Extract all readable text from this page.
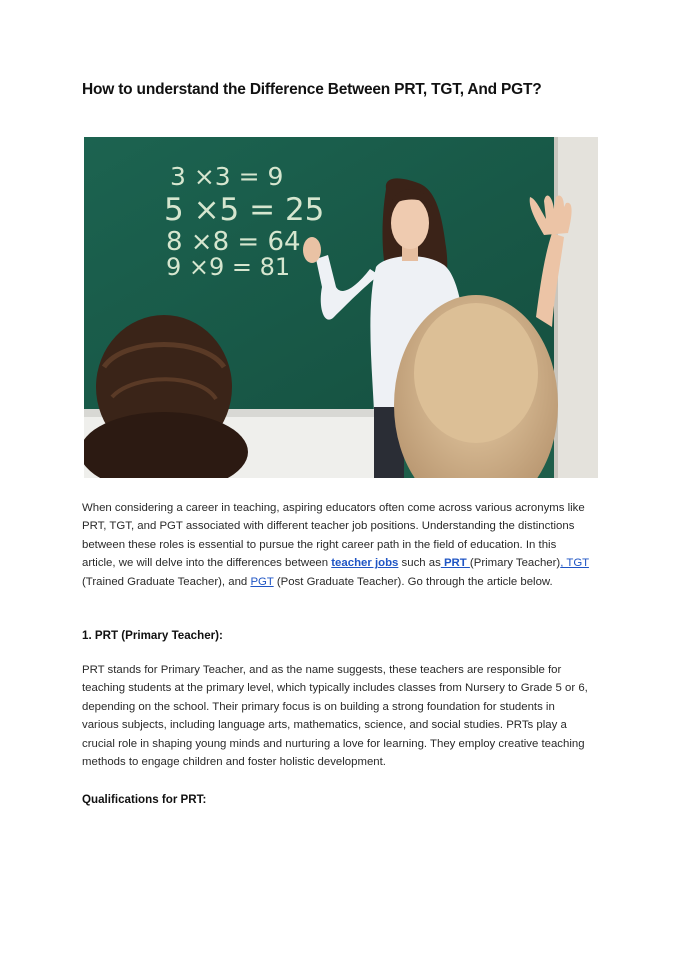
How to understand the Difference Between PRT, TGT, And PGT?
3 ×3 = 9
5 ×5 = 25
8 ×8 = 64
9 ×9 = 81

When considering a career in teaching, aspiring educators often come across various acronyms like PRT, TGT, and PGT associated with different teacher job positions. Understanding the distinctions between these roles is essential to pursue the right career path in the field of education. In this article, we will delve into the differences between teacher jobs such as PRT (Primary Teacher), TGT (Trained Graduate Teacher), and PGT (Post Graduate Teacher). Go through the article below.

1. PRT (Primary Teacher):

PRT stands for Primary Teacher, and as the name suggests, these teachers are responsible for teaching students at the primary level, which typically includes classes from Nursery to Grade 5 or 6, depending on the school. Their primary focus is on building a strong foundation for students in various subjects, including language arts, mathematics, science, and social studies. PRTs play a crucial role in shaping young minds and nurturing a love for learning. They employ creative teaching methods to engage children and foster holistic development.

Qualifications for PRT:
